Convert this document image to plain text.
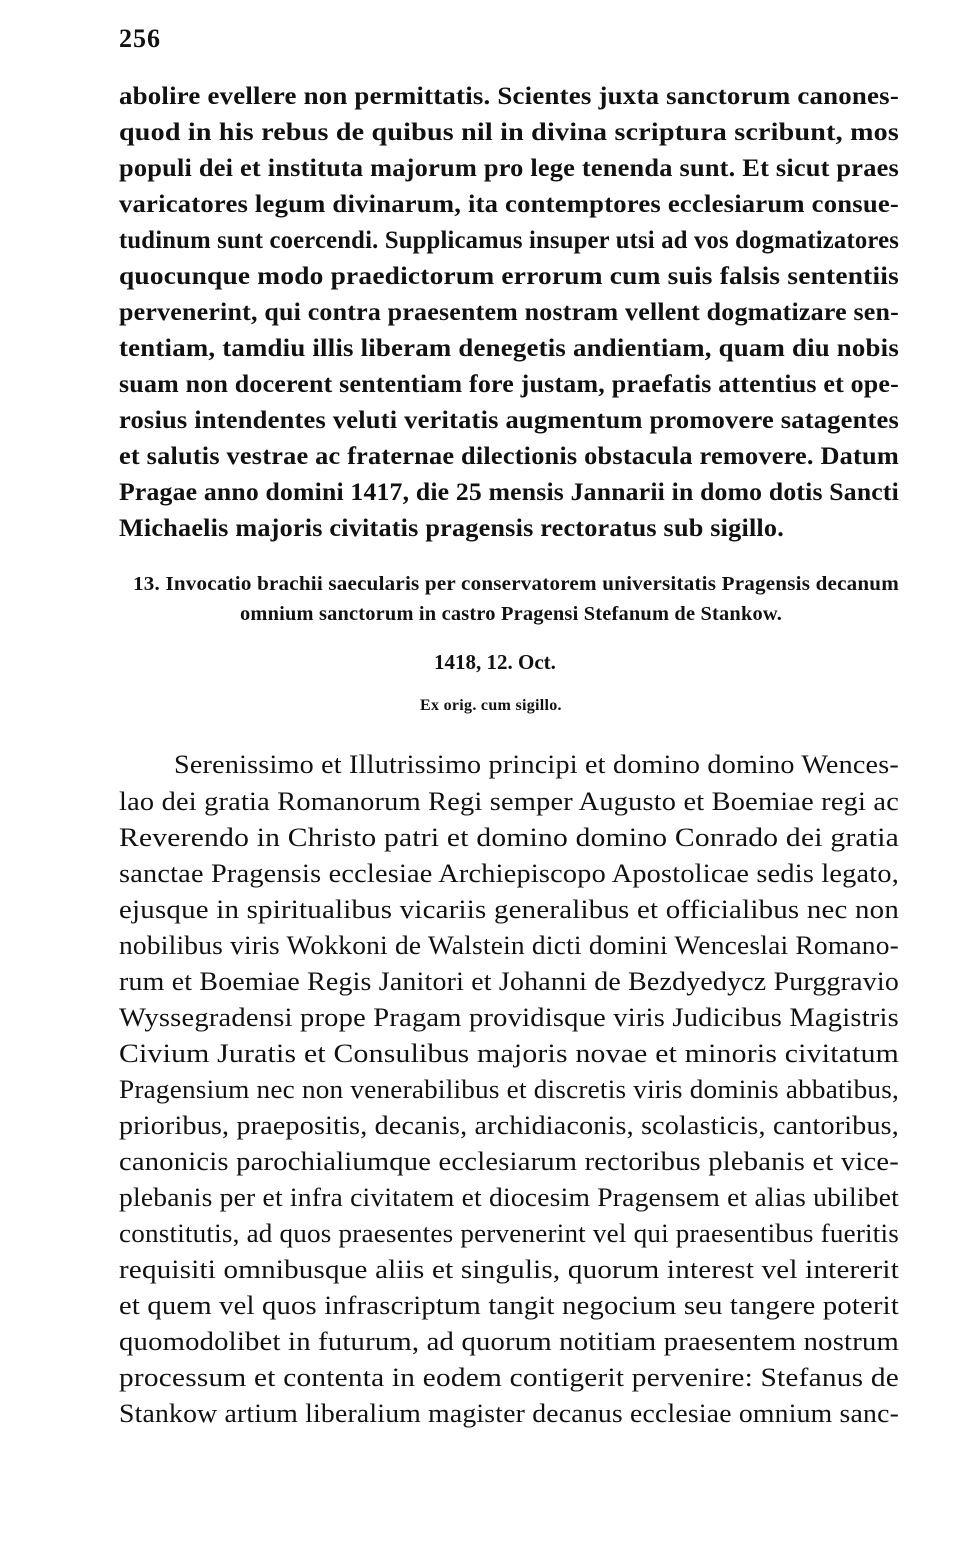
256
abolire evellere non permittatis. Scientes juxta sanctorum canones-
quod in his rebus de quibus nil in divina scriptura scribunt, mos
populi dei et instituta majorum pro lege tenenda sunt. Et sicut praes
varicatores legum divinarum, ita contemptores ecclesiarum consue-
tudinum sunt coercendi. Supplicamus insuper utsi ad vos dogmatizatores
quocunque modo praedictorum errorum cum suis falsis sententiis
pervenerint, qui contra praesentem nostram vellent dogmatizare sen-
tentiam, tamdiu illis liberam denegetis andientiam, quam diu nobis
suam non docerent sententiam fore justam, praefatis attentius et ope-
rosius intendentes veluti veritatis augmentum promovere satagentes
et salutis vestrae ac fraternae dilectionis obstacula removere. Datum
Pragae anno domini 1417, die 25 mensis Jannarii in domo dotis Sancti
Michaelis majoris civitatis pragensis rectoratus sub sigillo.
13. Invocatio brachii saecularis per conservatorem universitatis Pragensis decanum
omnium sanctorum in castro Pragensi Stefanum de Stankow.
1418, 12. Oct.
Ex orig. cum sigillo.
Serenissimo et Illutrissimo principi et domino domino Wences-
lao dei gratia Romanorum Regi semper Augusto et Boemiae regi ac
Reverendo in Christo patri et domino domino Conrado dei gratia
sanctae Pragensis ecclesiae Archiepiscopo Apostolicae sedis legato,
ejusque in spiritualibus vicariis generalibus et officialibus nec non
nobilibus viris Wokkoni de Walstein dicti domini Wenceslai Romano-
rum et Boemiae Regis Janitori et Johanni de Bezdyedycz Purggravio
Wyssegradensi prope Pragam providisque viris Judicibus Magistris
Civium Juratis et Consulibus majoris novae et minoris civitatum
Pragensium nec non venerabilibus et discretis viris dominis abbatibus,
prioribus, praepositis, decanis, archidiaconis, scolasticis, cantoribus,
canonicis parochialiumque ecclesiarum rectoribus plebanis et vice-
plebanis per et infra civitatem et diocesim Pragensem et alias ubilibet
constitutis, ad quos praesentes pervenerint vel qui praesentibus fueritis
requisiti omnibusque aliis et singulis, quorum interest vel intererit
et quem vel quos infrascriptum tangit negocium seu tangere poterit
quomodolibet in futurum, ad quorum notitiam praesentem nostrum
processum et contenta in eodem contigerit pervenire: Stefanus de
Stankow artium liberalium magister decanus ecclesiae omnium sanc-
